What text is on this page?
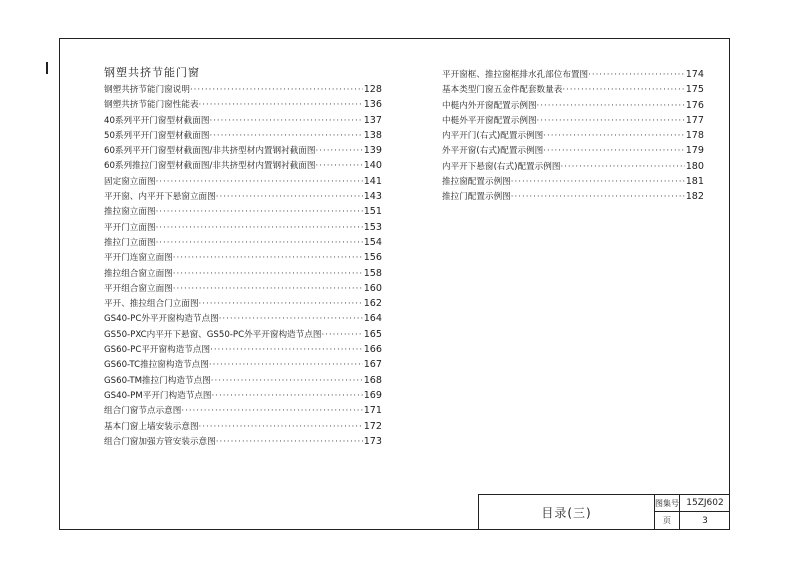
钢塑共挤节能门窗
钢塑共挤节能门窗说明 ·····	128
钢塑共挤节能门窗性能表 ·····	136
40系列平开门窗型材截面图 ·····	137
50系列平开门窗型材截面图 ·····	138
60系列平开门窗型材截面图/非共挤型材内置钢衬截面图 ·····	139
60系列推拉门窗型材截面图/非共挤型材内置钢衬截面图 ·····	140
固定窗立面图 ·····	141
平开窗、内平开下悬窗立面图 ·····	143
推拉窗立面图 ·····	151
平开门立面图 ·····	153
推拉门立面图 ·····	154
平开门连窗立面图 ·····	156
推拉组合窗立面图 ·····	158
平开组合窗立面图 ·····	160
平开、推拉组合门立面图 ·····	162
GS40-PC外平开窗构造节点图 ·····	164
GS50-PXC内平开下悬窗、GS50-PC外平开窗构造节点图 ·····	165
GS60-PC平开窗构造节点图 ·····	166
GS60-TC推拉窗构造节点图 ·····	167
GS60-TM推拉门构造节点图 ·····	168
GS40-PM平开门构造节点图 ·····	169
组合门窗节点示意图 ·····	171
基本门窗上墙安装示意图 ·····	172
组合门窗加强方管安装示意图 ·····	173
平开窗框、推拉窗框排水孔部位布置图 ·····	174
基本类型门窗五金件配套数量表 ·····	175
中梃内外开窗配置示例图 ·····	176
中梃外平开窗配置示例图 ·····	177
内平开门(右式)配置示例图 ·····	178
外平开窗(右式)配置示例图 ·····	179
内平开下悬窗(右式)配置示例图 ·····	180
推拉窗配置示例图 ·····	181
推拉门配置示例图 ·····	182
目录(三)
图集号 15ZJ602
页	3
